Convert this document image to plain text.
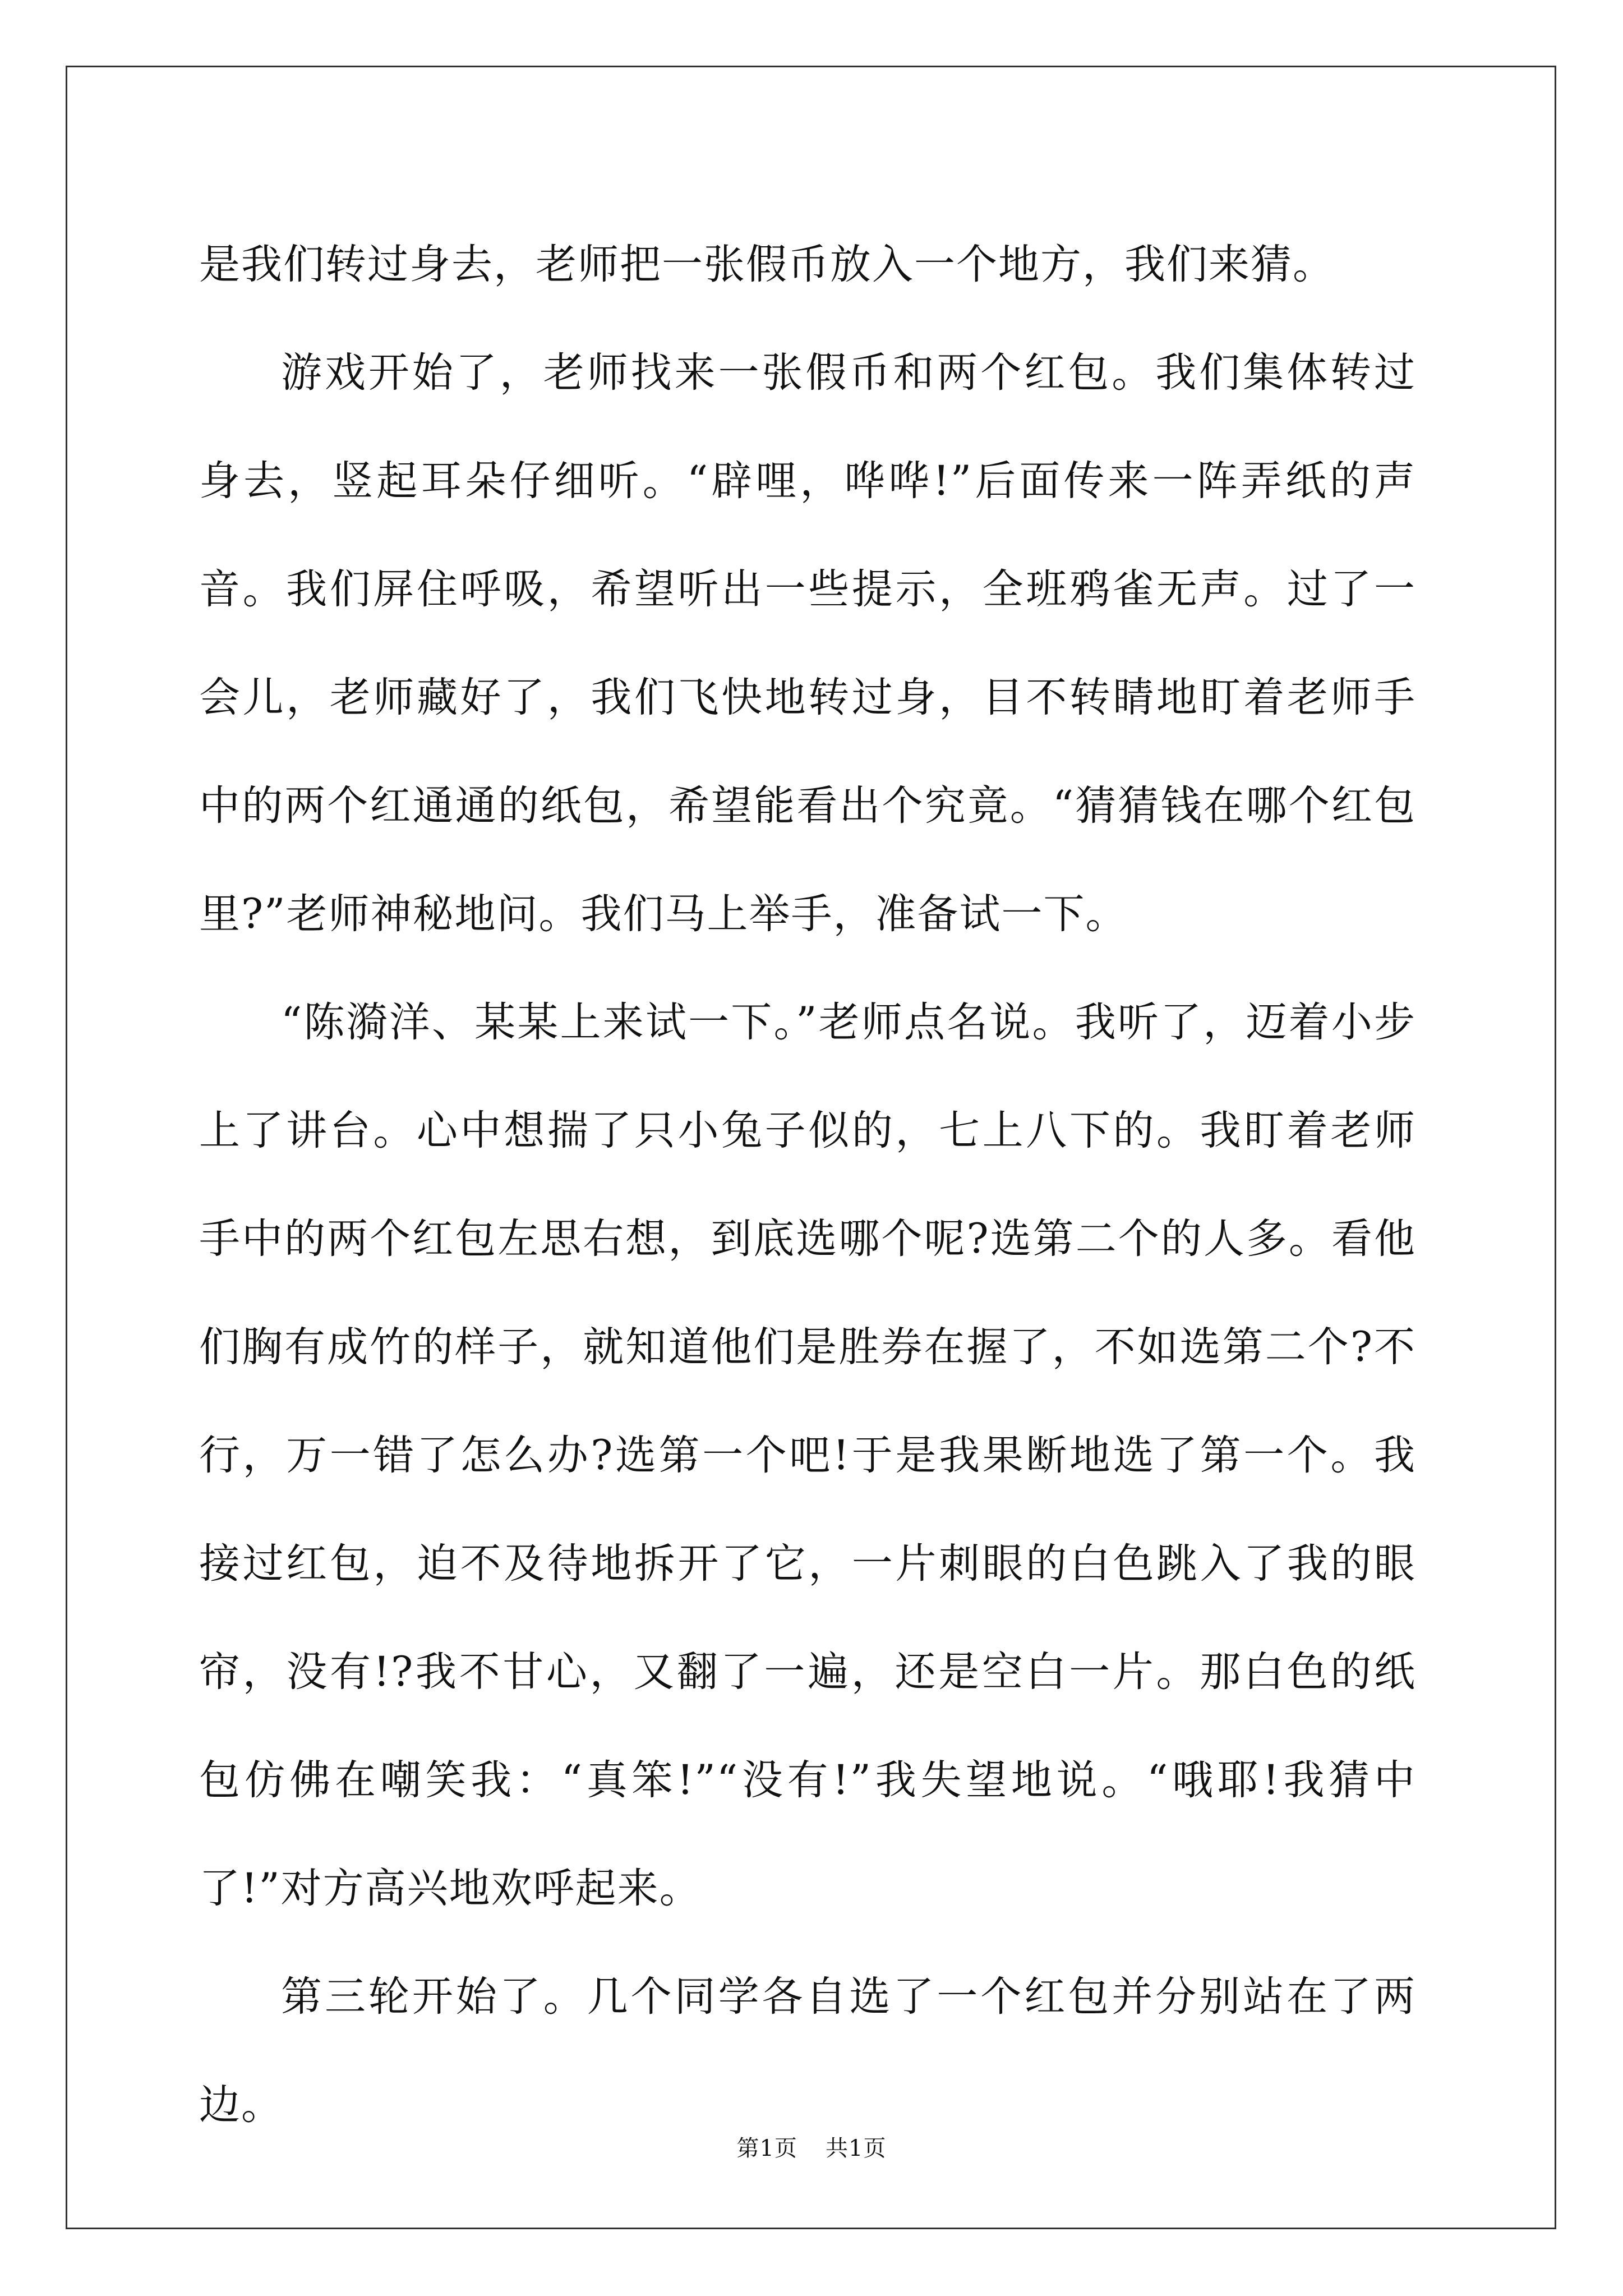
是我们转过身去，老师把一张假币放入一个地方，我们来猜。

游戏开始了，老师找来一张假币和两个红包。我们集体转过身去，竖起耳朵仔细听。“辟哩，哗哗!”后面传来一阵弄纸的声音。我们屏住呼吸，希望听出一些提示，全班鸦雀无声。过了一会儿，老师藏好了，我们飞快地转过身，目不转睛地盯着老师手中的两个红通通的纸包，希望能看出个究竟。“猜猜钱在哪个红包里?”老师神秘地问。我们马上举手，准备试一下。

“陈漪洋、某某上来试一下。”老师点名说。我听了，迈着小步上了讲台。心中想揣了只小兔子似的，七上八下的。我盯着老师手中的两个红包左思右想，到底选哪个呢?选第二个的人多。看他们胸有成竹的样子，就知道他们是胜券在握了，不如选第二个?不行，万一错了怎么办?选第一个吧!于是我果断地选了第一个。我接过红包，迫不及待地拆开了它，一片刺眼的白色跳入了我的眼帘，没有!?我不甘心，又翻了一遍，还是空白一片。那白色的纸包仿佛在嘲笑我：“真笨!”“没有!”我失望地说。“哦耶!我猜中了!”对方高兴地欢呼起来。

第三轮开始了。几个同学各自选了一个红包并分别站在了两边。

第1页 共1页
